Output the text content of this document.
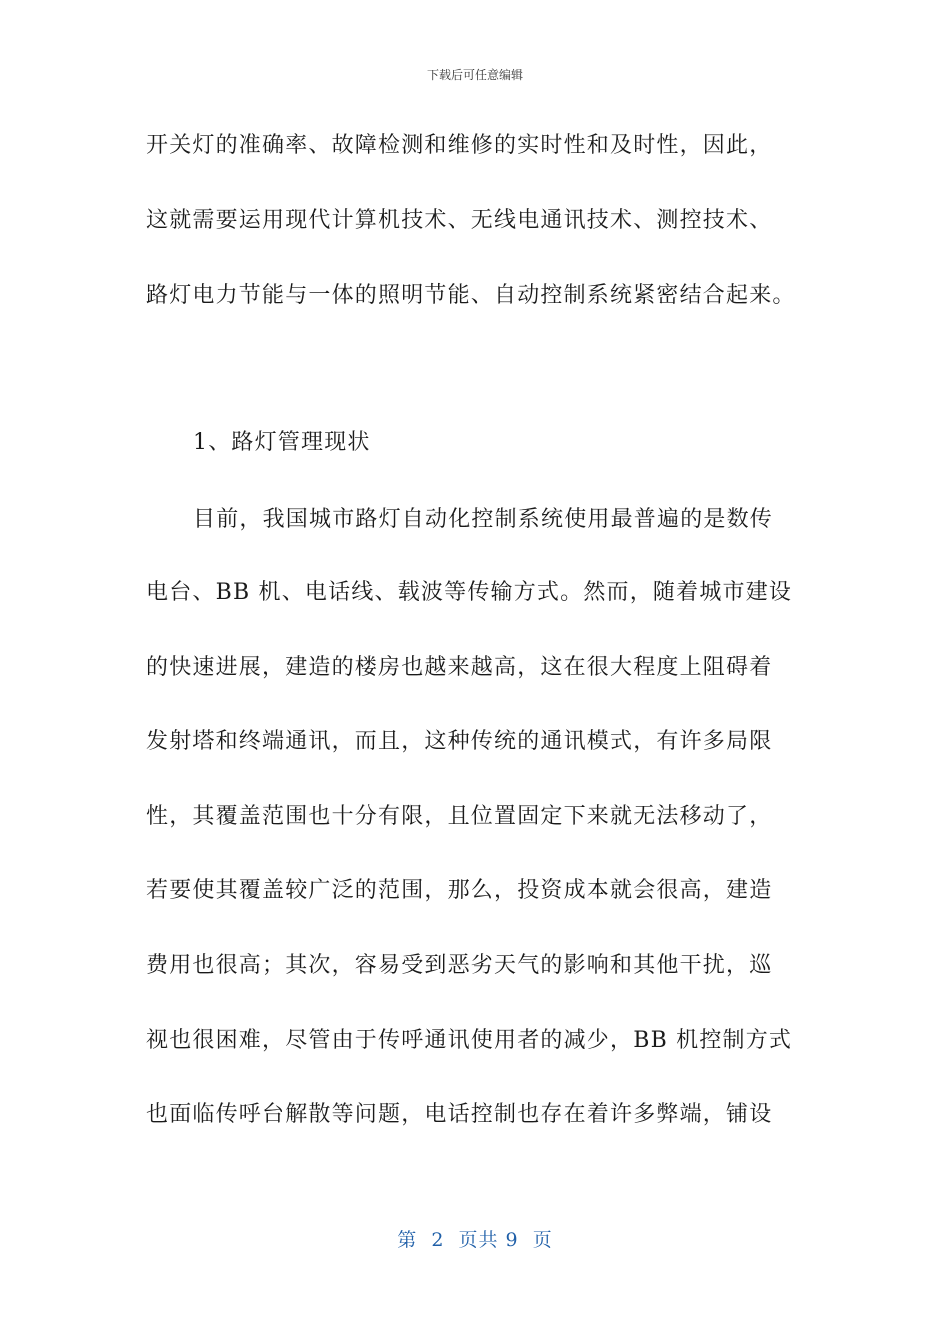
下载后可任意编辑
开关灯的准确率、故障检测和维修的实时性和及时性，因此，
这就需要运用现代计算机技术、无线电通讯技术、测控技术、
路灯电力节能与一体的照明节能、自动控制系统紧密结合起来。
1、路灯管理现状
目前，我国城市路灯自动化控制系统使用最普遍的是数传
电台、BB 机、电话线、载波等传输方式。然而，随着城市建设
的快速进展，建造的楼房也越来越高，这在很大程度上阻碍着
发射塔和终端通讯，而且，这种传统的通讯模式，有许多局限
性，其覆盖范围也十分有限，且位置固定下来就无法移动了，
若要使其覆盖较广泛的范围，那么，投资成本就会很高，建造
费用也很高；其次，容易受到恶劣天气的影响和其他干扰，巡
视也很困难，尽管由于传呼通讯使用者的减少，BB 机控制方式
也面临传呼台解散等问题，电话控制也存在着许多弊端，铺设
第  2  页共 9  页
